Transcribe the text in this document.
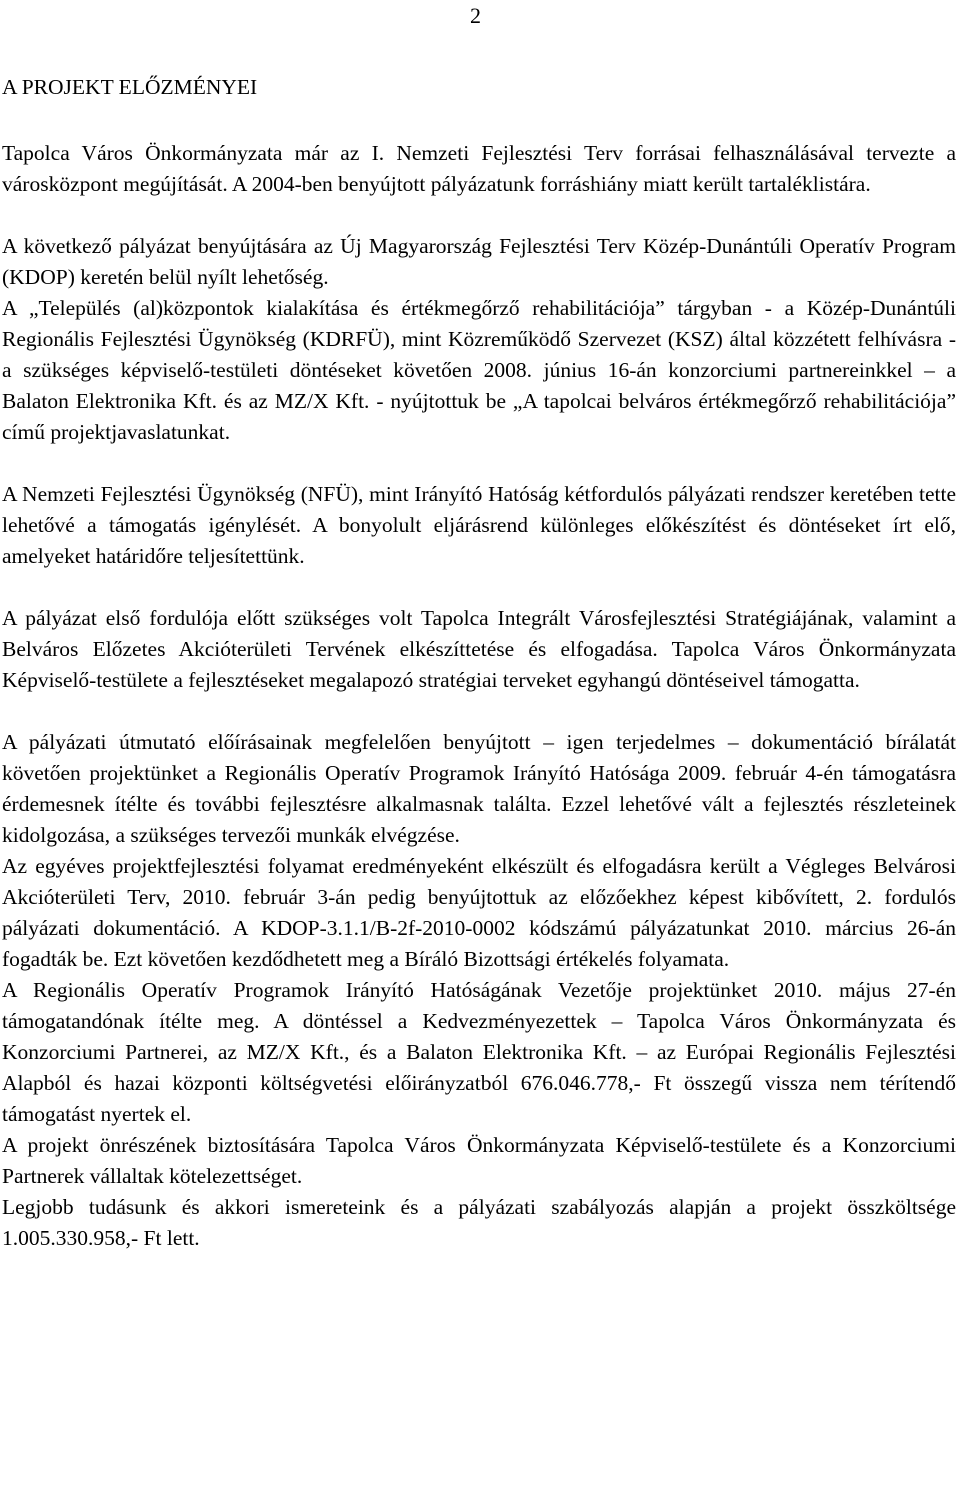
2
A PROJEKT ELŐZMÉNYEI

Tapolca Város Önkormányzata már az I. Nemzeti Fejlesztési Terv forrásai felhasználásával tervezte a városközpont megújítását. A 2004-ben benyújtott pályázatunk forráshiány miatt került tartaléklistára.

A következő pályázat benyújtására az Új Magyarország Fejlesztési Terv Közép-Dunántúli Operatív Program (KDOP) keretén belül nyílt lehetőség.

A „Település (al)központok kialakítása és értékmegőrző rehabilitációja” tárgyban - a Közép-Dunántúli Regionális Fejlesztési Ügynökség (KDRFÜ), mint Közreműködő Szervezet (KSZ) által közzétett felhívásra - a szükséges képviselő-testületi döntéseket követően 2008. június 16-án konzorciumi partnereinkkel – a Balaton Elektronika Kft. és az MZ/X Kft. - nyújtottuk be „A tapolcai belváros értékmegőrző rehabilitációja” című projektjavaslatunkat.

A Nemzeti Fejlesztési Ügynökség (NFÜ), mint Irányító Hatóság kétfordulós pályázati rendszer keretében tette lehetővé a támogatás igénylését. A bonyolult eljárásrend különleges előkészítést és döntéseket írt elő, amelyeket határidőre teljesítettünk.

A pályázat első fordulója előtt szükséges volt Tapolca Integrált Városfejlesztési Stratégiájának, valamint a Belváros Előzetes Akcióterületi Tervének elkészíttetése és elfogadása. Tapolca Város Önkormányzata Képviselő-testülete a fejlesztéseket megalapozó stratégiai terveket egyhangú döntéseivel támogatta.

A pályázati útmutató előírásainak megfelelően benyújtott – igen terjedelmes – dokumentáció bírálatát követően projektünket a Regionális Operatív Programok Irányító Hatósága 2009. február 4-én támogatásra érdemesnek ítélte és további fejlesztésre alkalmasnak találta. Ezzel lehetővé vált a fejlesztés részleteinek kidolgozása, a szükséges tervezői munkák elvégzése.

Az egyéves projektfejlesztési folyamat eredményeként elkészült és elfogadásra került a Végleges Belvárosi Akcióterületi Terv, 2010. február 3-án pedig benyújtottuk az előzőekhez képest kibővített, 2. fordulós pályázati dokumentáció. A KDOP-3.1.1/B-2f-2010-0002 kódszámú pályázatunkat 2010. március 26-án fogadták be. Ezt követően kezdődhetett meg a Bíráló Bizottsági értékelés folyamata.

A Regionális Operatív Programok Irányító Hatóságának Vezetője projektünket 2010. május 27-én támogatandónak ítélte meg. A döntéssel a Kedvezményezettek – Tapolca Város Önkormányzata és Konzorciumi Partnerei, az MZ/X Kft., és a Balaton Elektronika Kft. – az Európai Regionális Fejlesztési Alapból és hazai központi költségvetési előirányzatból 676.046.778,- Ft összegű vissza nem térítendő támogatást nyertek el.

A projekt önrészének biztosítására Tapolca Város Önkormányzata Képviselő-testülete és a Konzorciumi Partnerek vállaltak kötelezettséget.

Legjobb tudásunk és akkori ismereteink és a pályázati szabályozás alapján a projekt összköltsége 1.005.330.958,- Ft lett.
